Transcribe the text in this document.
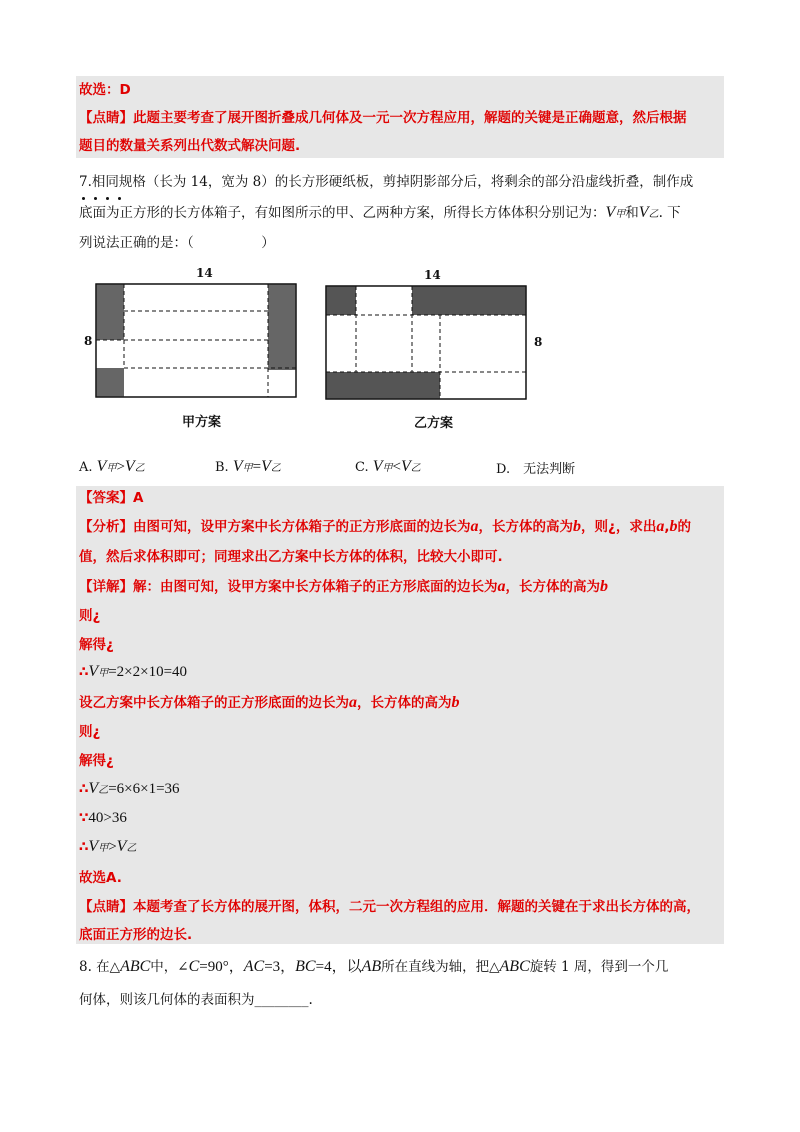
故选：D
【点睛】此题主要考查了展开图折叠成几何体及一元一次方程应用，解题的关键是正确题意，然后根据
题目的数量关系列出代数式解决问题.
7.相同规格（长为 14，宽为 8）的长方形硬纸板，剪掉阴影部分后，将剩余的部分沿虚线折叠，制作成
底面为正方形的长方体箱子，有如图所示的甲、乙两种方案，所得长方体体积分别记为：V甲和V乙. 下
列说法正确的是：（　　　　　）
14
8
甲方案
14
8
乙方案
A. V甲>V乙	B. V甲=V乙	C. V甲<V乙	D.　无法判断
【答案】A
【分析】由图可知，设甲方案中长方体箱子的正方形底面的边长为a，长方体的高为b，则¿，求出a,b的
值，然后求体积即可；同理求出乙方案中长方体的体积，比较大小即可.
【详解】解：由图可知，设甲方案中长方体箱子的正方形底面的边长为a，长方体的高为b
则¿
解得¿
∴V甲=2×2×10=40
设乙方案中长方体箱子的正方形底面的边长为a，长方体的高为b
则¿
解得¿
∴V乙=6×6×1=36
∵40>36
∴V甲>V乙
故选A.
【点睛】本题考查了长方体的展开图，体积，二元一次方程组的应用．解题的关键在于求出长方体的高，
底面正方形的边长.
8. 在△ABC中，∠C=90°，AC=3，BC=4，以AB所在直线为轴，把△ABC旋转 1 周，得到一个几
何体，则该几何体的表面积为________.
